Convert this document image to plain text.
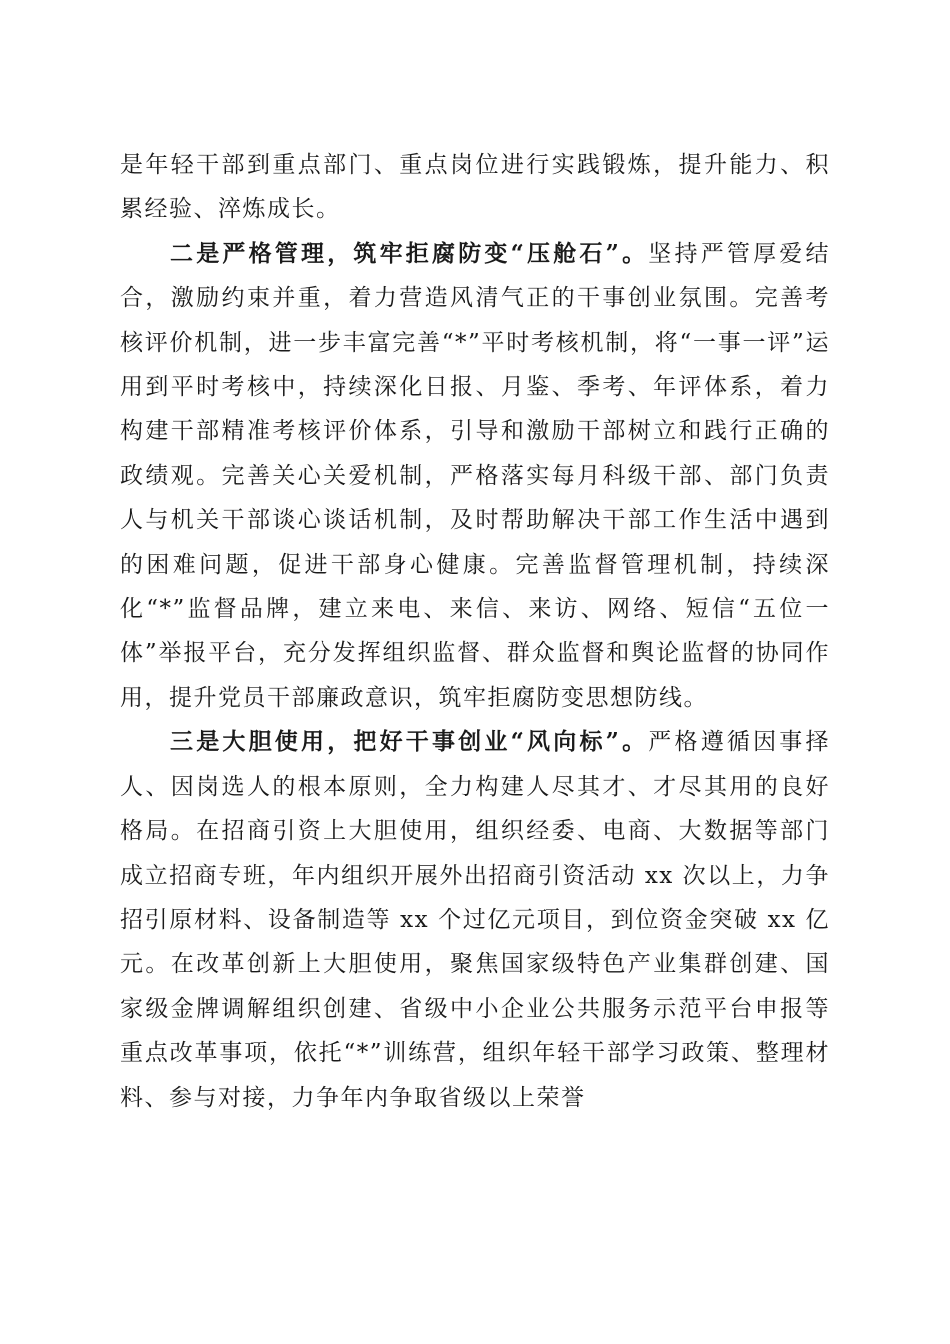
是年轻干部到重点部门、重点岗位进行实践锻炼，提升能力、积累经验、淬炼成长。

二是严格管理，筑牢拒腐防变“压舱石”。坚持严管厚爱结合，激励约束并重，着力营造风清气正的干事创业氛围。完善考核评价机制，进一步丰富完善“*”平时考核机制，将“一事一评”运用到平时考核中，持续深化日报、月鉴、季考、年评体系，着力构建干部精准考核评价体系，引导和激励干部树立和践行正确的政绩观。完善关心关爱机制，严格落实每月科级干部、部门负责人与机关干部谈心谈话机制，及时帮助解决干部工作生活中遇到的困难问题，促进干部身心健康。完善监督管理机制，持续深化“*”监督品牌，建立来电、来信、来访、网络、短信“五位一体”举报平台，充分发挥组织监督、群众监督和舆论监督的协同作用，提升党员干部廉政意识，筑牢拒腐防变思想防线。

三是大胆使用，把好干事创业“风向标”。严格遵循因事择人、因岗选人的根本原则，全力构建人尽其才、才尽其用的良好格局。在招商引资上大胆使用，组织经委、电商、大数据等部门成立招商专班，年内组织开展外出招商引资活动 xx 次以上，力争招引原材料、设备制造等 xx 个过亿元项目，到位资金突破 xx 亿元。在改革创新上大胆使用，聚焦国家级特色产业集群创建、国家级金牌调解组织创建、省级中小企业公共服务示范平台申报等重点改革事项，依托“*”训练营，组织年轻干部学习政策、整理材料、参与对接，力争年内争取省级以上荣誉
